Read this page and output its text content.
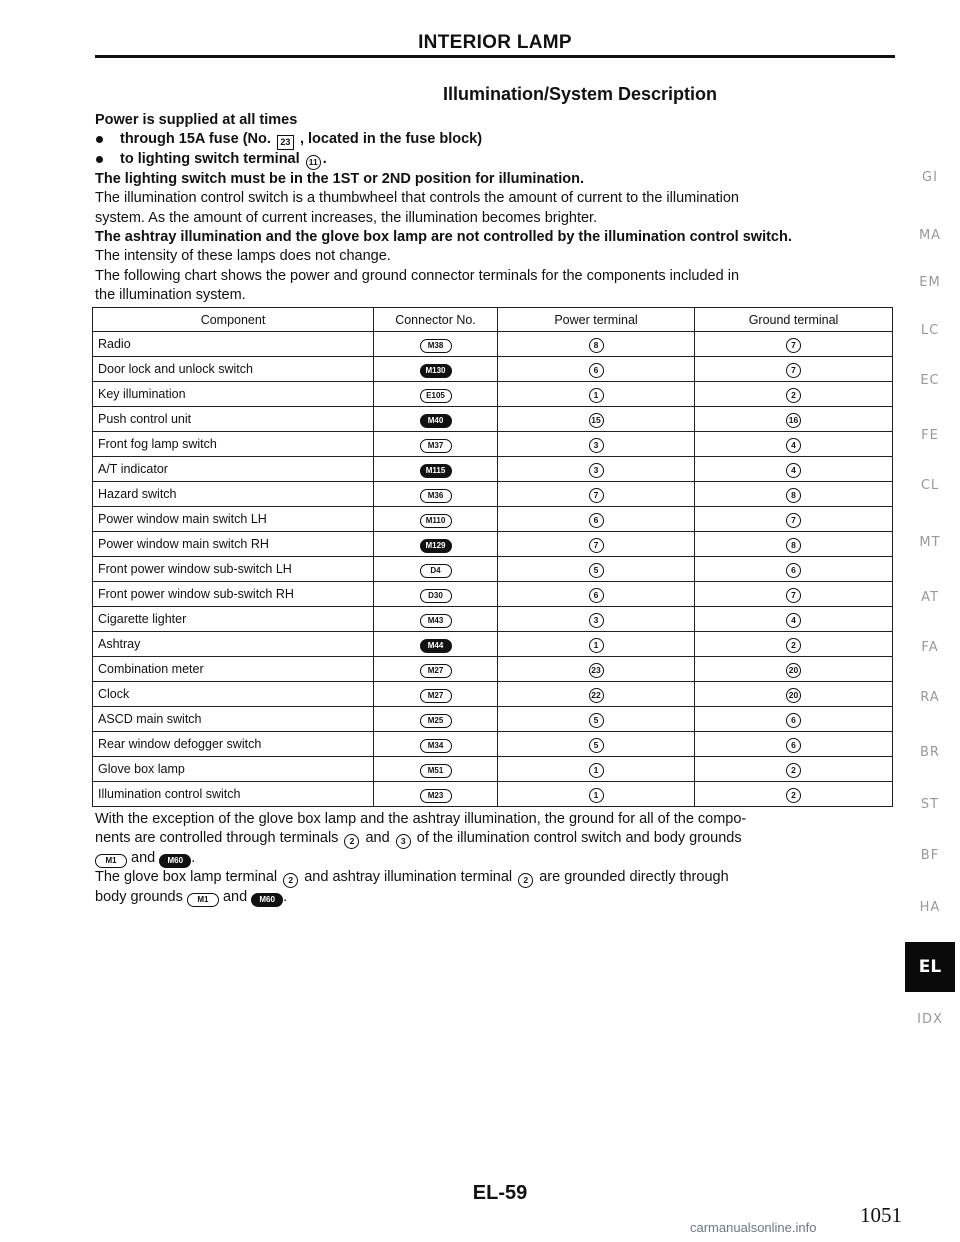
INTERIOR LAMP
Illumination/System Description
Power is supplied at all times
through 15A fuse (No. 23 , located in the fuse block)
to lighting switch terminal 11 .
The lighting switch must be in the 1ST or 2ND position for illumination.
The illumination control switch is a thumbwheel that controls the amount of current to the illumination
system. As the amount of current increases, the illumination becomes brighter.
The ashtray illumination and the glove box lamp are not controlled by the illumination control switch.
The intensity of these lamps does not change.
The following chart shows the power and ground connector terminals for the components included in
the illumination system.
Component	Connector No.	Power terminal	Ground terminal
Radio	M38	8	7
Door lock and unlock switch	M130	6	7
Key illumination	E105	1	2
Push control unit	M40	15	16
Front fog lamp switch	M37	3	4
A/T indicator	M115	3	4
Hazard switch	M36	7	8
Power window main switch LH	M110	6	7
Power window main switch RH	M129	7	8
Front power window sub-switch LH	D4	5	6
Front power window sub-switch RH	D30	6	7
Cigarette lighter	M43	3	4
Ashtray	M44	1	2
Combination meter	M27	23	20
Clock	M27	22	20
ASCD main switch	M25	5	6
Rear window defogger switch	M34	5	6
Glove box lamp	M51	1	2
Illumination control switch	M23	1	2
With the exception of the glove box lamp and the ashtray illumination, the ground for all of the compo-
nents are controlled through terminals 2 and 3 of the illumination control switch and body grounds
M1 and M60 .
The glove box lamp terminal 2 and ashtray illumination terminal 2 are grounded directly through
body grounds M1 and M60 .
GI
MA
EM
LC
EC
FE
CL
MT
AT
FA
RA
BR
ST
BF
HA
EL
IDX
EL-59
1051
carmanualsonline.info
